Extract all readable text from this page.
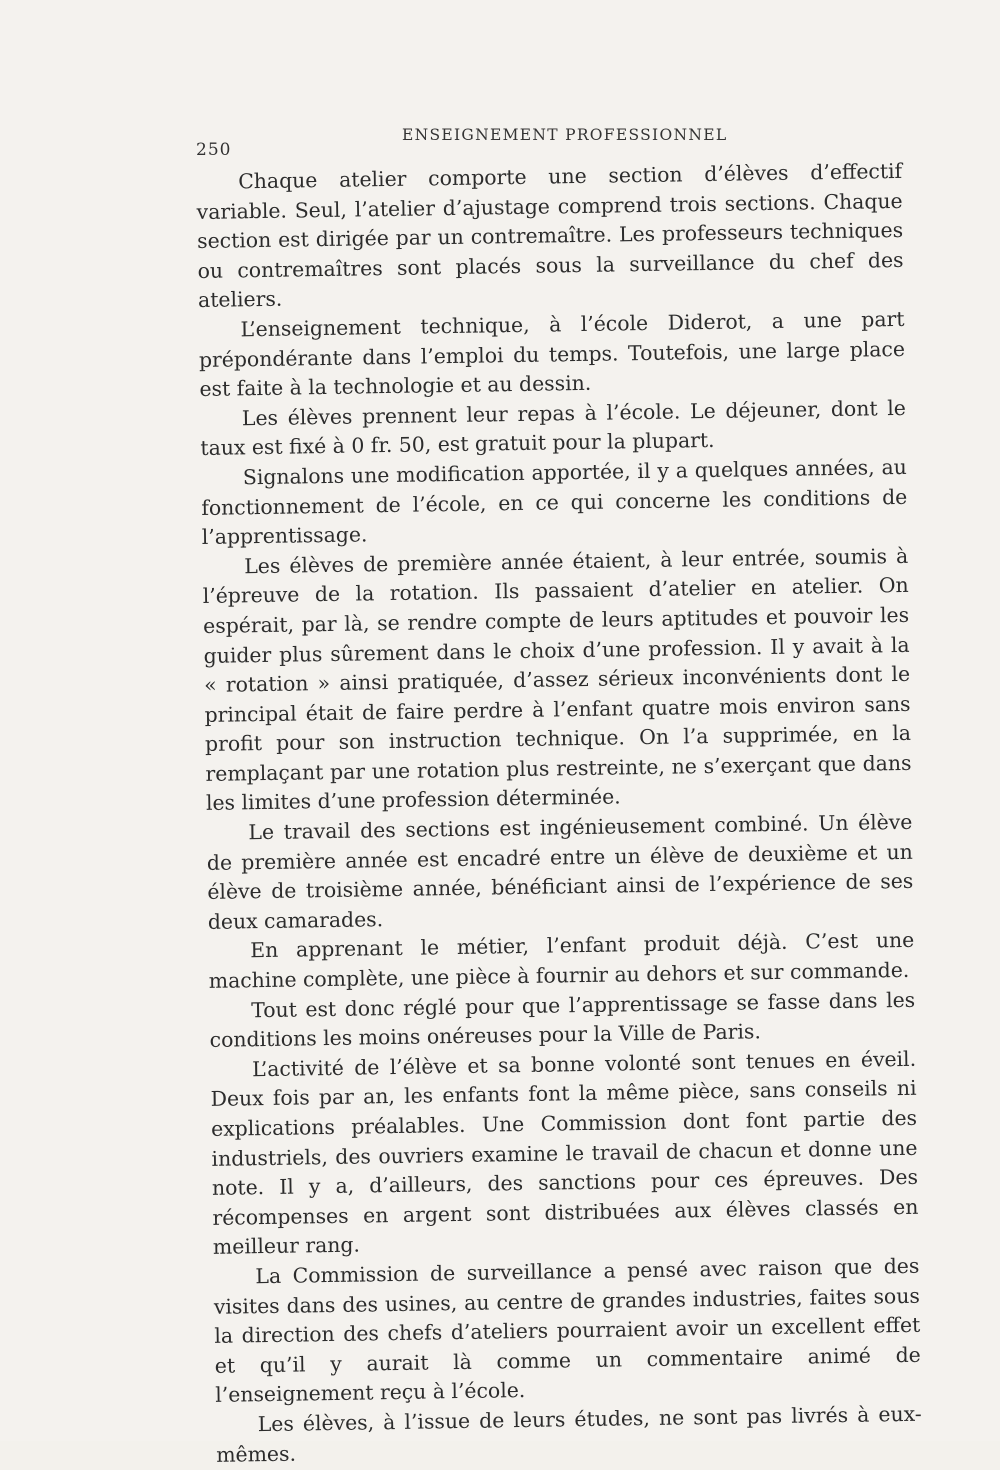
250
ENSEIGNEMENT PROFESSIONNEL

Chaque atelier comporte une section d’élèves d’effectif variable. Seul, l’atelier d’ajustage comprend trois sections. Chaque section est dirigée par un contremaître. Les professeurs techniques ou contremaîtres sont placés sous la surveillance du chef des ateliers.

L’enseignement technique, à l’école Diderot, a une part prépondérante dans l’emploi du temps. Toutefois, une large place est faite à la technologie et au dessin.

Les élèves prennent leur repas à l’école. Le déjeuner, dont le taux est fixé à 0 fr. 50, est gratuit pour la plupart.

Signalons une modification apportée, il y a quelques années, au fonctionnement de l’école, en ce qui concerne les conditions de l’apprentissage.

Les élèves de première année étaient, à leur entrée, soumis à l’épreuve de la rotation. Ils passaient d’atelier en atelier. On espérait, par là, se rendre compte de leurs aptitudes et pouvoir les guider plus sûrement dans le choix d’une profession. Il y avait à la « rotation » ainsi pratiquée, d’assez sérieux inconvénients dont le principal était de faire perdre à l’enfant quatre mois environ sans profit pour son instruction technique. On l’a supprimée, en la remplaçant par une rotation plus restreinte, ne s’exerçant que dans les limites d’une profession déterminée.

Le travail des sections est ingénieusement combiné. Un élève de première année est encadré entre un élève de deuxième et un élève de troisième année, bénéficiant ainsi de l’expérience de ses deux camarades.

En apprenant le métier, l’enfant produit déjà. C’est une machine complète, une pièce à fournir au dehors et sur commande.

Tout est donc réglé pour que l’apprentissage se fasse dans les conditions les moins onéreuses pour la Ville de Paris.

L’activité de l’élève et sa bonne volonté sont tenues en éveil. Deux fois par an, les enfants font la même pièce, sans conseils ni explications préalables. Une Commission dont font partie des industriels, des ouvriers examine le travail de chacun et donne une note. Il y a, d’ailleurs, des sanctions pour ces épreuves. Des récompenses en argent sont distribuées aux élèves classés en meilleur rang.

La Commission de surveillance a pensé avec raison que des visites dans des usines, au centre de grandes industries, faites sous la direction des chefs d’ateliers pourraient avoir un excellent effet et qu’il y aurait là comme un commentaire animé de l’enseignement reçu à l’école.

Les élèves, à l’issue de leurs études, ne sont pas livrés à eux-mêmes.
